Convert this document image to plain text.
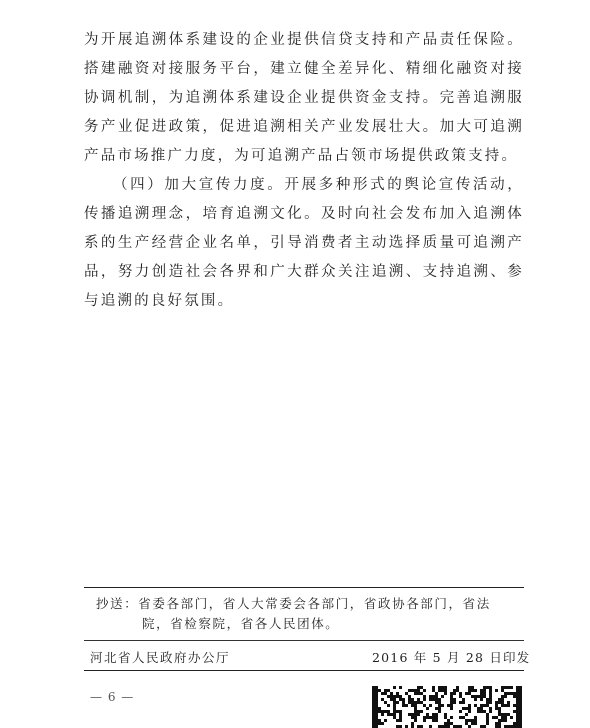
为开展追溯体系建设的企业提供信贷支持和产品责任保险。搭建融资对接服务平台，建立健全差异化、精细化融资对接协调机制，为追溯体系建设企业提供资金支持。完善追溯服务产业促进政策，促进追溯相关产业发展壮大。加大可追溯产品市场推广力度，为可追溯产品占领市场提供政策支持。

（四）加大宣传力度。开展多种形式的舆论宣传活动，传播追溯理念，培育追溯文化。及时向社会发布加入追溯体系的生产经营企业名单，引导消费者主动选择质量可追溯产品，努力创造社会各界和广大群众关注追溯、支持追溯、参与追溯的良好氛围。

抄送：省委各部门，省人大常委会各部门，省政协各部门，省法
院，省检察院，省各人民团体。
河北省人民政府办公厅	2016 年 5 月 28 日印发
— 6 —
